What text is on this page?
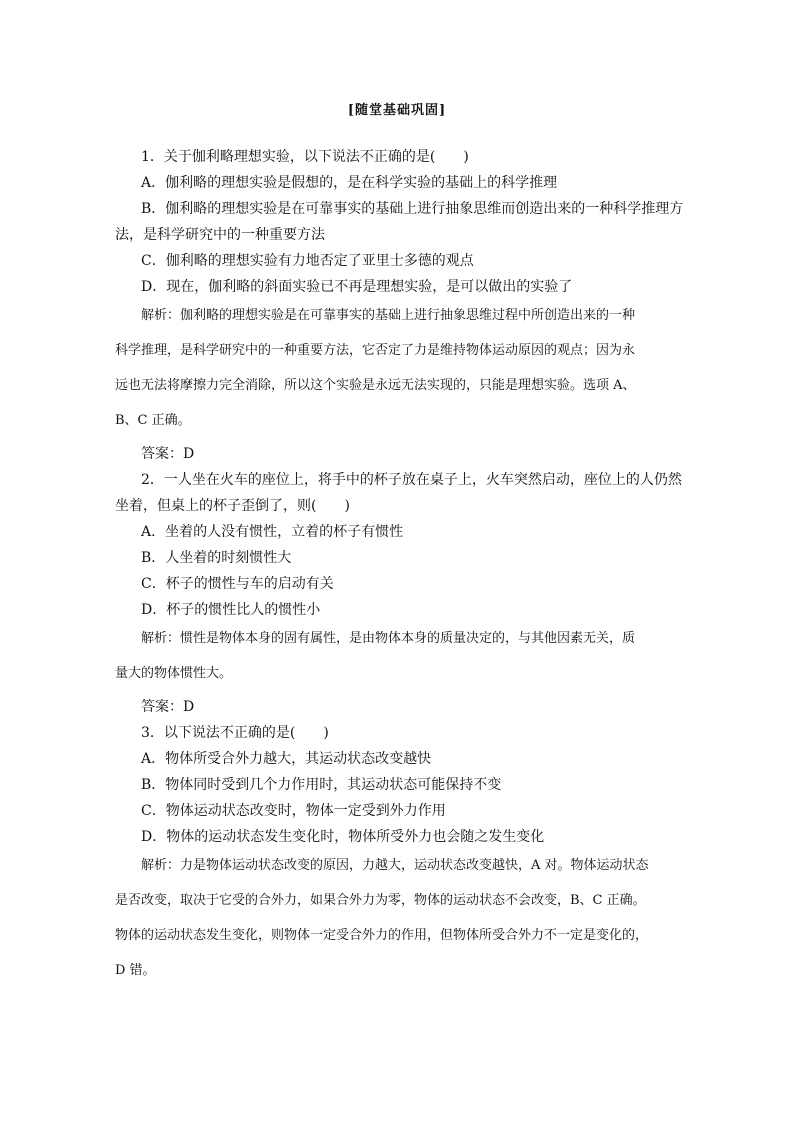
[随堂基础巩固]

1．关于伽利略理想实验，以下说法不正确的是(　　)

A．伽利略的理想实验是假想的，是在科学实验的基础上的科学推理

B．伽利略的理想实验是在可靠事实的基础上进行抽象思维而创造出来的一种科学推理方

法，是科学研究中的一种重要方法

C．伽利略的理想实验有力地否定了亚里士多德的观点

D．现在，伽利略的斜面实验已不再是理想实验，是可以做出的实验了

解析：伽利略的理想实验是在可靠事实的基础上进行抽象思维过程中所创造出来的一种

科学推理，是科学研究中的一种重要方法，它否定了力是维持物体运动原因的观点；因为永

远也无法将摩擦力完全消除，所以这个实验是永远无法实现的，只能是理想实验。选项 A、

B、C 正确。

答案：D

2．一人坐在火车的座位上，将手中的杯子放在桌子上，火车突然启动，座位上的人仍然

坐着，但桌上的杯子歪倒了，则(　　)

A．坐着的人没有惯性，立着的杯子有惯性

B．人坐着的时刻惯性大

C．杯子的惯性与车的启动有关

D．杯子的惯性比人的惯性小

解析：惯性是物体本身的固有属性，是由物体本身的质量决定的，与其他因素无关，质

量大的物体惯性大。

答案：D

3．以下说法不正确的是(　　)

A．物体所受合外力越大，其运动状态改变越快

B．物体同时受到几个力作用时，其运动状态可能保持不变

C．物体运动状态改变时，物体一定受到外力作用

D．物体的运动状态发生变化时，物体所受外力也会随之发生变化

解析：力是物体运动状态改变的原因，力越大，运动状态改变越快，A 对。物体运动状态

是否改变，取决于它受的合外力，如果合外力为零，物体的运动状态不会改变，B、C 正确。

物体的运动状态发生变化，则物体一定受合外力的作用，但物体所受合外力不一定是变化的，

D 错。
